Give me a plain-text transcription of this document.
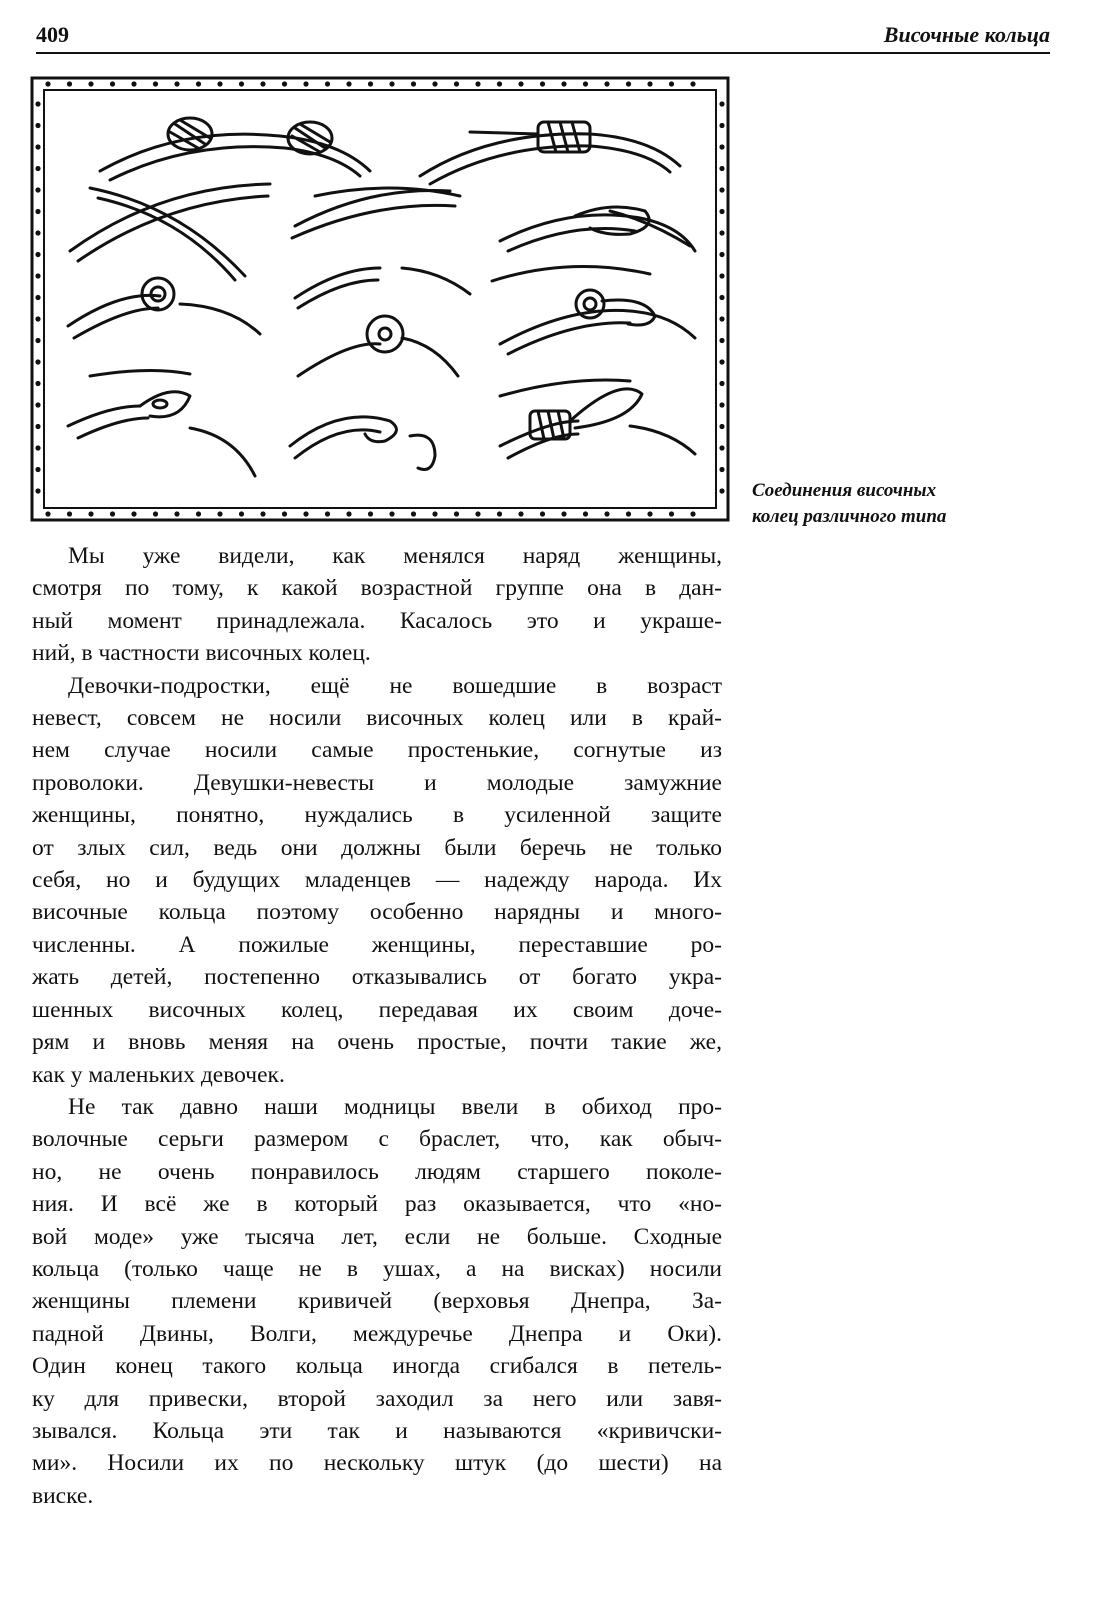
409	Височные кольца
Соединения височных
колец различного типа

Мы уже видели, как менялся наряд женщины,
смотря по тому, к какой возрастной группе она в дан-
ный момент принадлежала. Касалось это и украше-
ний, в частности височных колец.

Девочки-подростки, ещё не вошедшие в возраст
невест, совсем не носили височных колец или в край-
нем случае носили самые простенькие, согнутые из
проволоки. Девушки-невесты и молодые замужние
женщины, понятно, нуждались в усиленной защите
от злых сил, ведь они должны были беречь не только
себя, но и будущих младенцев — надежду народа. Их
височные кольца поэтому особенно нарядны и много-
численны. А пожилые женщины, переставшие ро-
жать детей, постепенно отказывались от богато укра-
шенных височных колец, передавая их своим доче-
рям и вновь меняя на очень простые, почти такие же,
как у маленьких девочек.

Не так давно наши модницы ввели в обиход про-
волочные серьги размером с браслет, что, как обыч-
но, не очень понравилось людям старшего поколе-
ния. И всё же в который раз оказывается, что «но-
вой моде» уже тысяча лет, если не больше. Сходные
кольца (только чаще не в ушах, а на висках) носили
женщины племени кривичей (верховья Днепра, За-
падной Двины, Волги, междуречье Днепра и Оки).
Один конец такого кольца иногда сгибался в петель-
ку для привески, второй заходил за него или завя-
зывался. Кольца эти так и называются «кривичски-
ми». Носили их по нескольку штук (до шести) на
виске.
